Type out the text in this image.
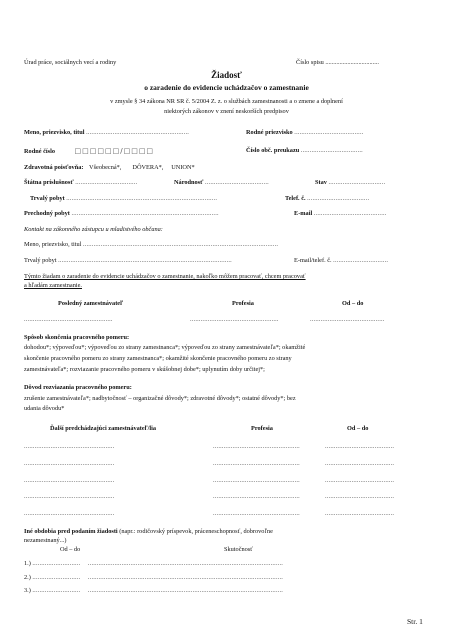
Úrad práce, sociálnych vecí a rodiny	Číslo spisu ..................................
Žiadosť
o zaradenie do evidencie uchádzačov o zamestnanie
v zmysle § 34 zákona NR SR č. 5/2004 Z. z. o službách zamestnanosti a o zmene a doplnení
niektorých zákonov v znení neskorších predpisov
Meno, priezvisko, titul ..........................................................	Rodné priezvisko .......................................
Rodné číslo	□□□□□□/□□□□	Číslo obč. preukazu ...................................
Zdravotná poisťovňa: Všeobecná*,       DÔVERA*,     UNION*
Štátna príslušnosť ...................................	Národnosť ....................................	Stav ................................
Trvalý pobyt .....................................................................................	Telef. č. ...................................
Prechodný pobyt ...................................................................................	E-mail .........................................
Kontakt na zákonného zástupcu u mladistvého občana:
Meno, priezvisko, titul ..............................................................................................................
Trvalý pobyt ..................................................................................................	E-mail/telef. č. ...............................
Týmto žiadam o zaradenie do evidencie uchádzačov o zamestnanie, nakoľko môžem pracovať, chcem pracovať
a hľadám zamestnanie.
Posledný zamestnávateľ	Profesia	Od – do
..................................................	..................................................	..........................................
Spôsob skončenia pracovného pomeru:
dohodou*; výpoveďou*; výpoveďou zo strany zamestnanca*; výpoveďou zo strany zamestnávateľa*; okamžité
skončenie pracovného pomeru zo strany zamestnanca*; okamžité skončenie pracovného pomeru zo strany
zamestnávateľa*; rozviazanie pracovného pomeru v skúšobnej dobe*; uplynutím doby určitej*;
Dôvod rozviazania pracovného pomeru:
zrušenie zamestnávateľa*; nadbytočnosť – organizačné dôvody*; zdravotné dôvody*; ostatné dôvody*; bez
udania dôvodu*
Ďalší predchádzajúci zamestnávateľ/lia	Profesia	Od – do
...................................................	.................................................	.......................................
...................................................	.................................................	.......................................
...................................................	.................................................	.......................................
...................................................	.................................................	.......................................
...................................................	.................................................	.......................................
Iné obdobia pred podaním žiadosti (napr.: rodičovský príspevok, práceneschopnosť, dobrovoľne
nezamestnaný...)
Od – do	Skutočnosť
1.) ........................... ..............................................................................................................
2.) ........................... ..............................................................................................................
3.) ........................... ..............................................................................................................
Str. 1
